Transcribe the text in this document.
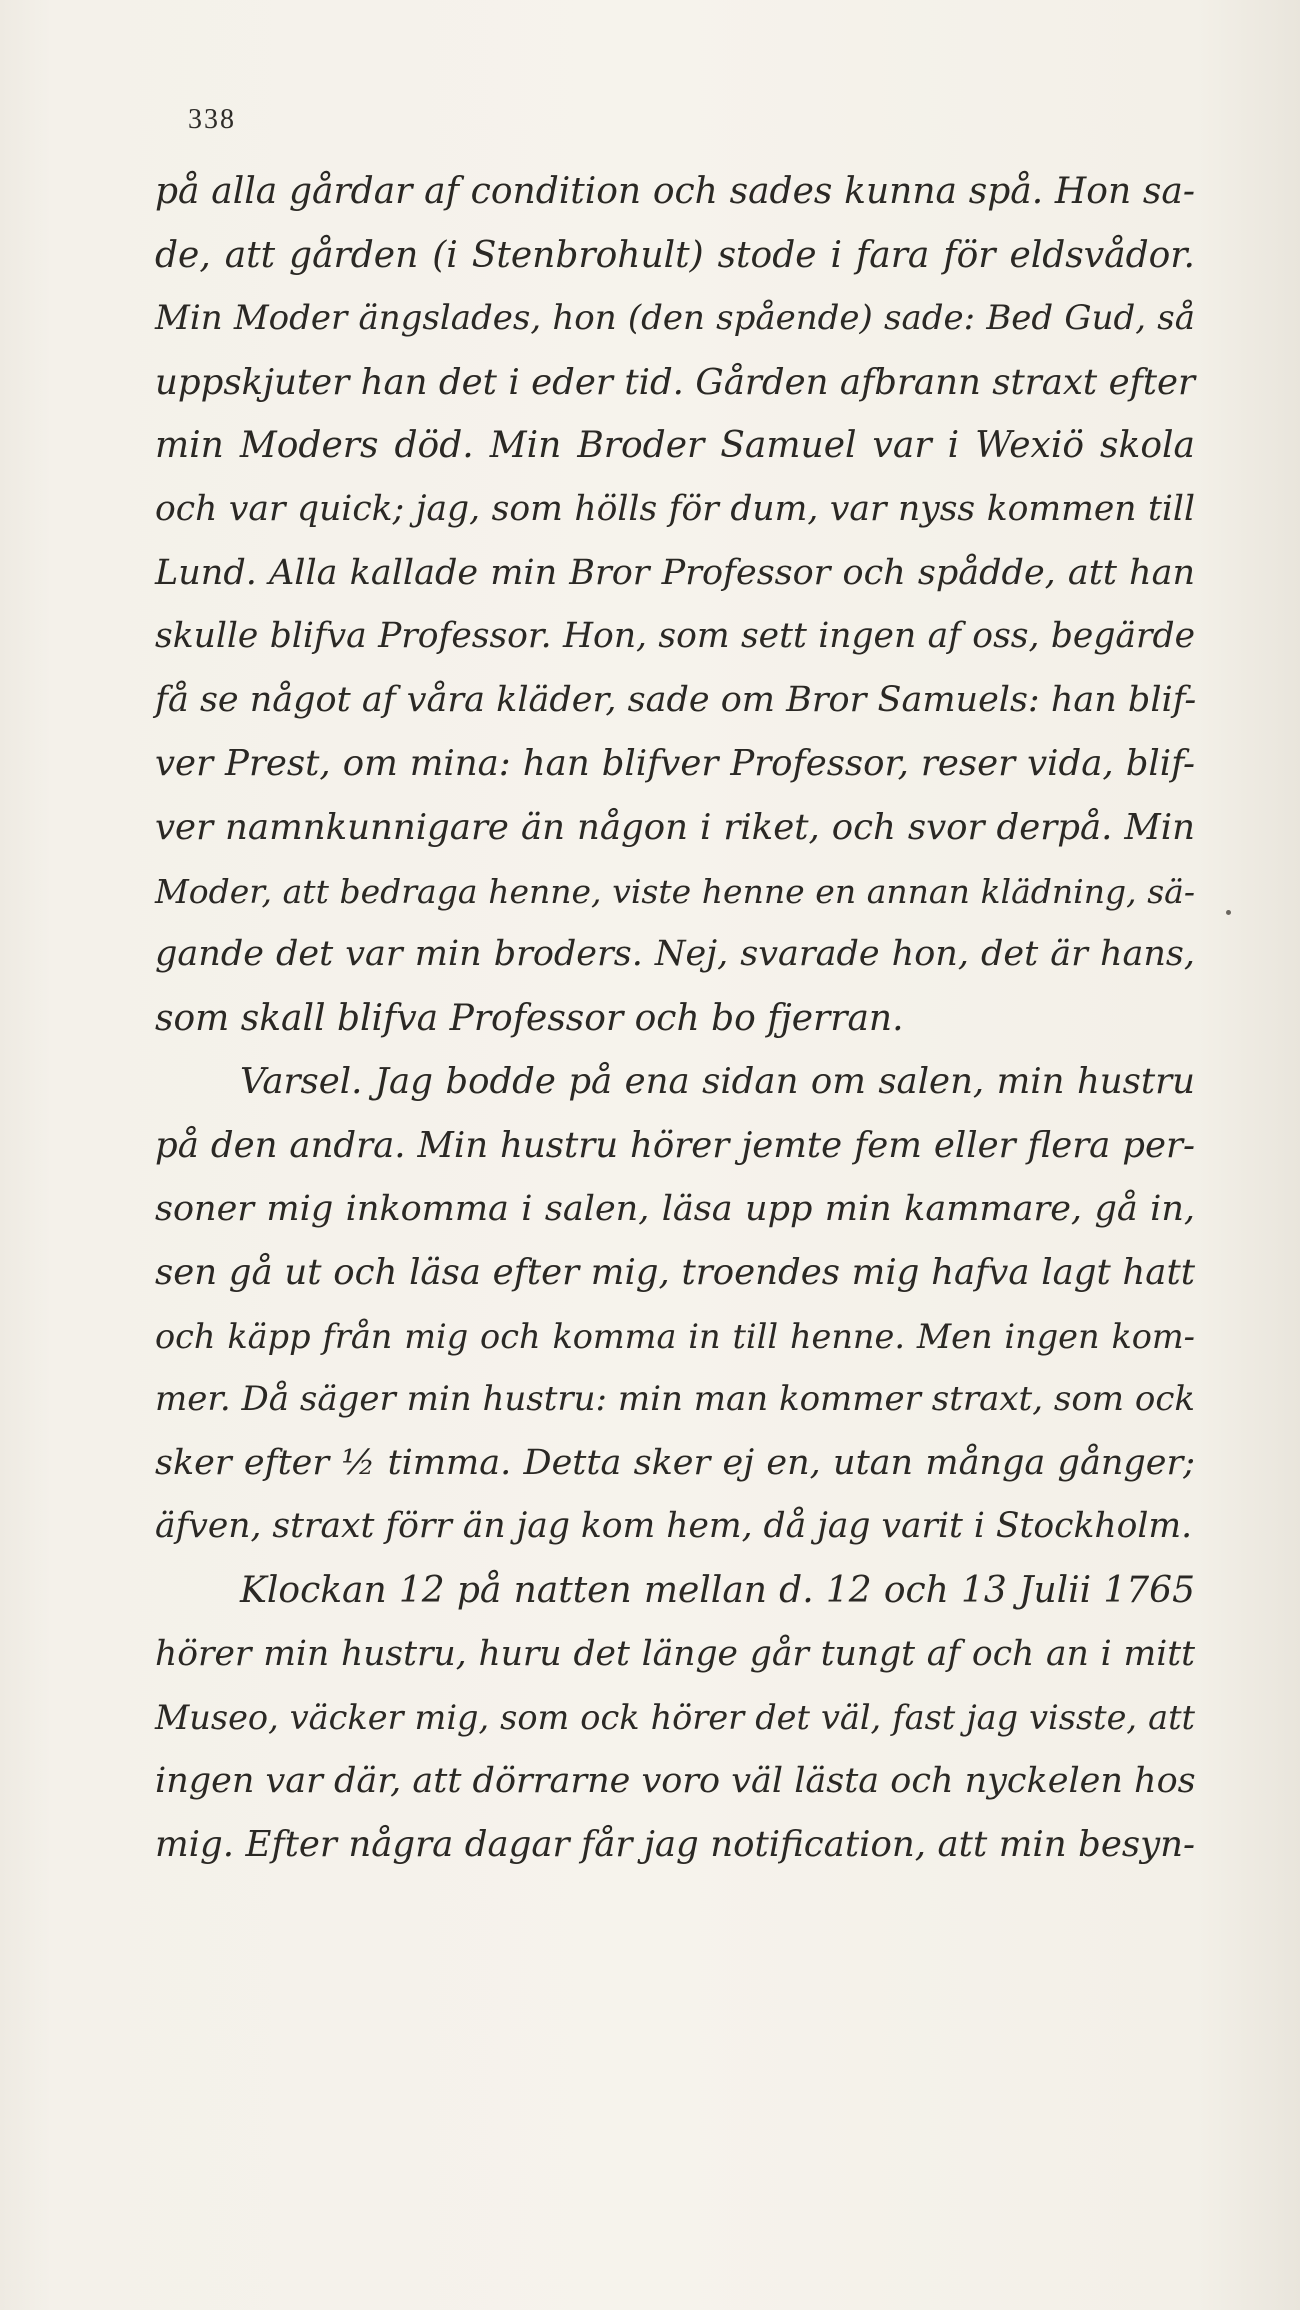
338
på alla gårdar af condition och sades kunna spå. Hon sa-
de, att gården (i Stenbrohult) stode i fara för eldsvådor.
Min Moder ängslades, hon (den spående) sade: Bed Gud, så
uppskjuter han det i eder tid. Gården afbrann straxt efter
min Moders död. Min Broder Samuel var i Wexiö skola
och var quick; jag, som hölls för dum, var nyss kommen till
Lund. Alla kallade min Bror Professor och spådde, att han
skulle blifva Professor. Hon, som sett ingen af oss, begärde
få se något af våra kläder, sade om Bror Samuels: han blif-
ver Prest, om mina: han blifver Professor, reser vida, blif-
ver namnkunnigare än någon i riket, och svor derpå. Min
Moder, att bedraga henne, viste henne en annan klädning, sä-
gande det var min broders. Nej, svarade hon, det är hans,
som skall blifva Professor och bo fjerran.
Varsel. Jag bodde på ena sidan om salen, min hustru
på den andra. Min hustru hörer jemte fem eller flera per-
soner mig inkomma i salen, läsa upp min kammare, gå in,
sen gå ut och läsa efter mig, troendes mig hafva lagt hatt
och käpp från mig och komma in till henne. Men ingen kom-
mer. Då säger min hustru: min man kommer straxt, som ock
sker efter ½ timma. Detta sker ej en, utan många gånger;
äfven, straxt förr än jag kom hem, då jag varit i Stockholm.
Klockan 12 på natten mellan d. 12 och 13 Julii 1765
hörer min hustru, huru det länge går tungt af och an i mitt
Museo, väcker mig, som ock hörer det väl, fast jag visste, att
ingen var där, att dörrarne voro väl lästa och nyckelen hos
mig. Efter några dagar får jag notification, att min besyn-
